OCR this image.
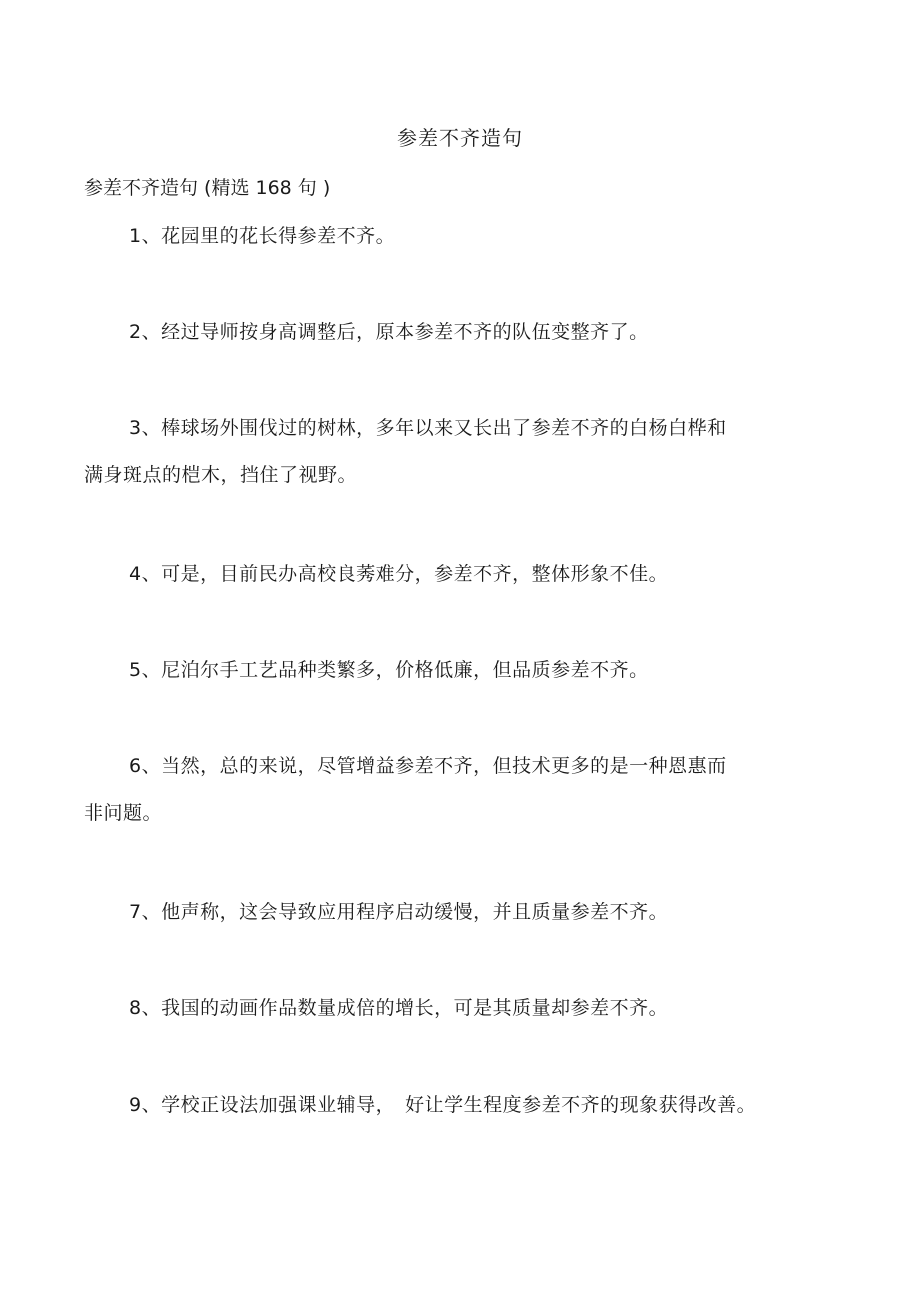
参差不齐造句
参差不齐造句 (精选 168 句 )
1、花园里的花长得参差不齐。
2、经过导师按身高调整后，原本参差不齐的队伍变整齐了。
3、棒球场外围伐过的树林，多年以来又长出了参差不齐的白杨白桦和
满身斑点的桤木，挡住了视野。
4、可是，目前民办高校良莠难分，参差不齐，整体形象不佳。
5、尼泊尔手工艺品种类繁多，价格低廉，但品质参差不齐。
6、当然，总的来说，尽管增益参差不齐，但技术更多的是一种恩惠而
非问题。
7、他声称，这会导致应用程序启动缓慢，并且质量参差不齐。
8、我国的动画作品数量成倍的增长，可是其质量却参差不齐。
9、学校正设法加强课业辅导，　好让学生程度参差不齐的现象获得改善。
